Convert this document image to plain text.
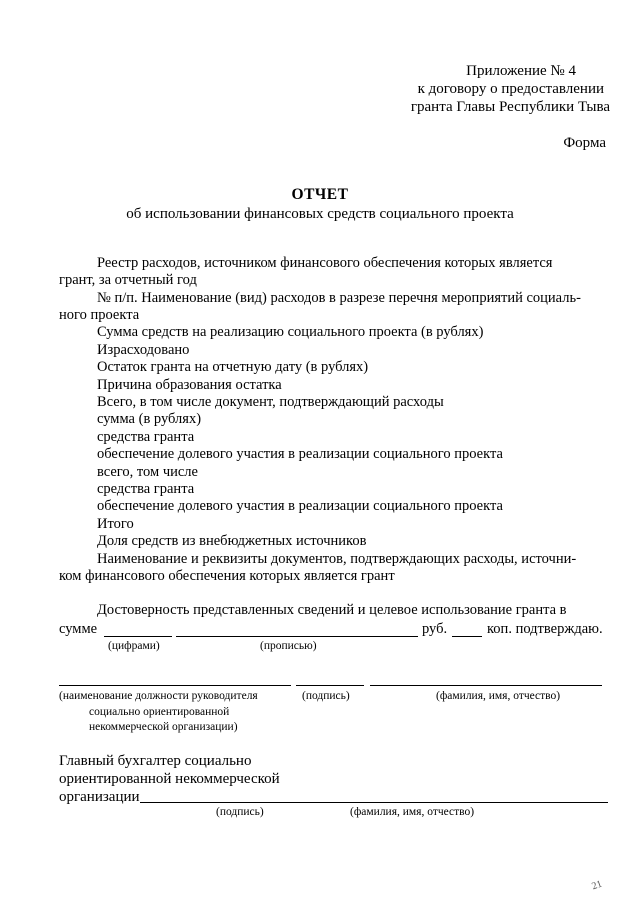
Приложение № 4
к договору о предоставлении
гранта Главы Республики Тыва
Форма
ОТЧЕТ
об использовании финансовых средств социального проекта
Реестр расходов, источником финансового обеспечения которых является
грант, за отчетный год
№ п/п. Наименование (вид) расходов в разрезе перечня мероприятий социаль-
ного проекта
Сумма средств на реализацию социального проекта (в рублях)
Израсходовано
Остаток гранта на отчетную дату (в рублях)
Причина образования остатка
Всего, в том числе документ, подтверждающий расходы
сумма (в рублях)
средства гранта
обеспечение долевого участия в реализации социального проекта
всего, том числе
средства гранта
обеспечение долевого участия в реализации социального проекта
Итого
Доля средств из внебюджетных источников
Наименование и реквизиты документов, подтверждающих расходы, источни-
ком финансового обеспечения которых является грант
Достоверность представленных сведений и целевое использование гранта в
сумме	руб.	коп. подтверждаю.
(цифрами)	(прописью)
(наименование должности руководителя
социально ориентированной
некоммерческой организации)
(подпись)	(фамилия, имя, отчество)
Главный бухгалтер социально
ориентированной некоммерческой
организации
(подпись)	(фамилия, имя, отчество)
21
